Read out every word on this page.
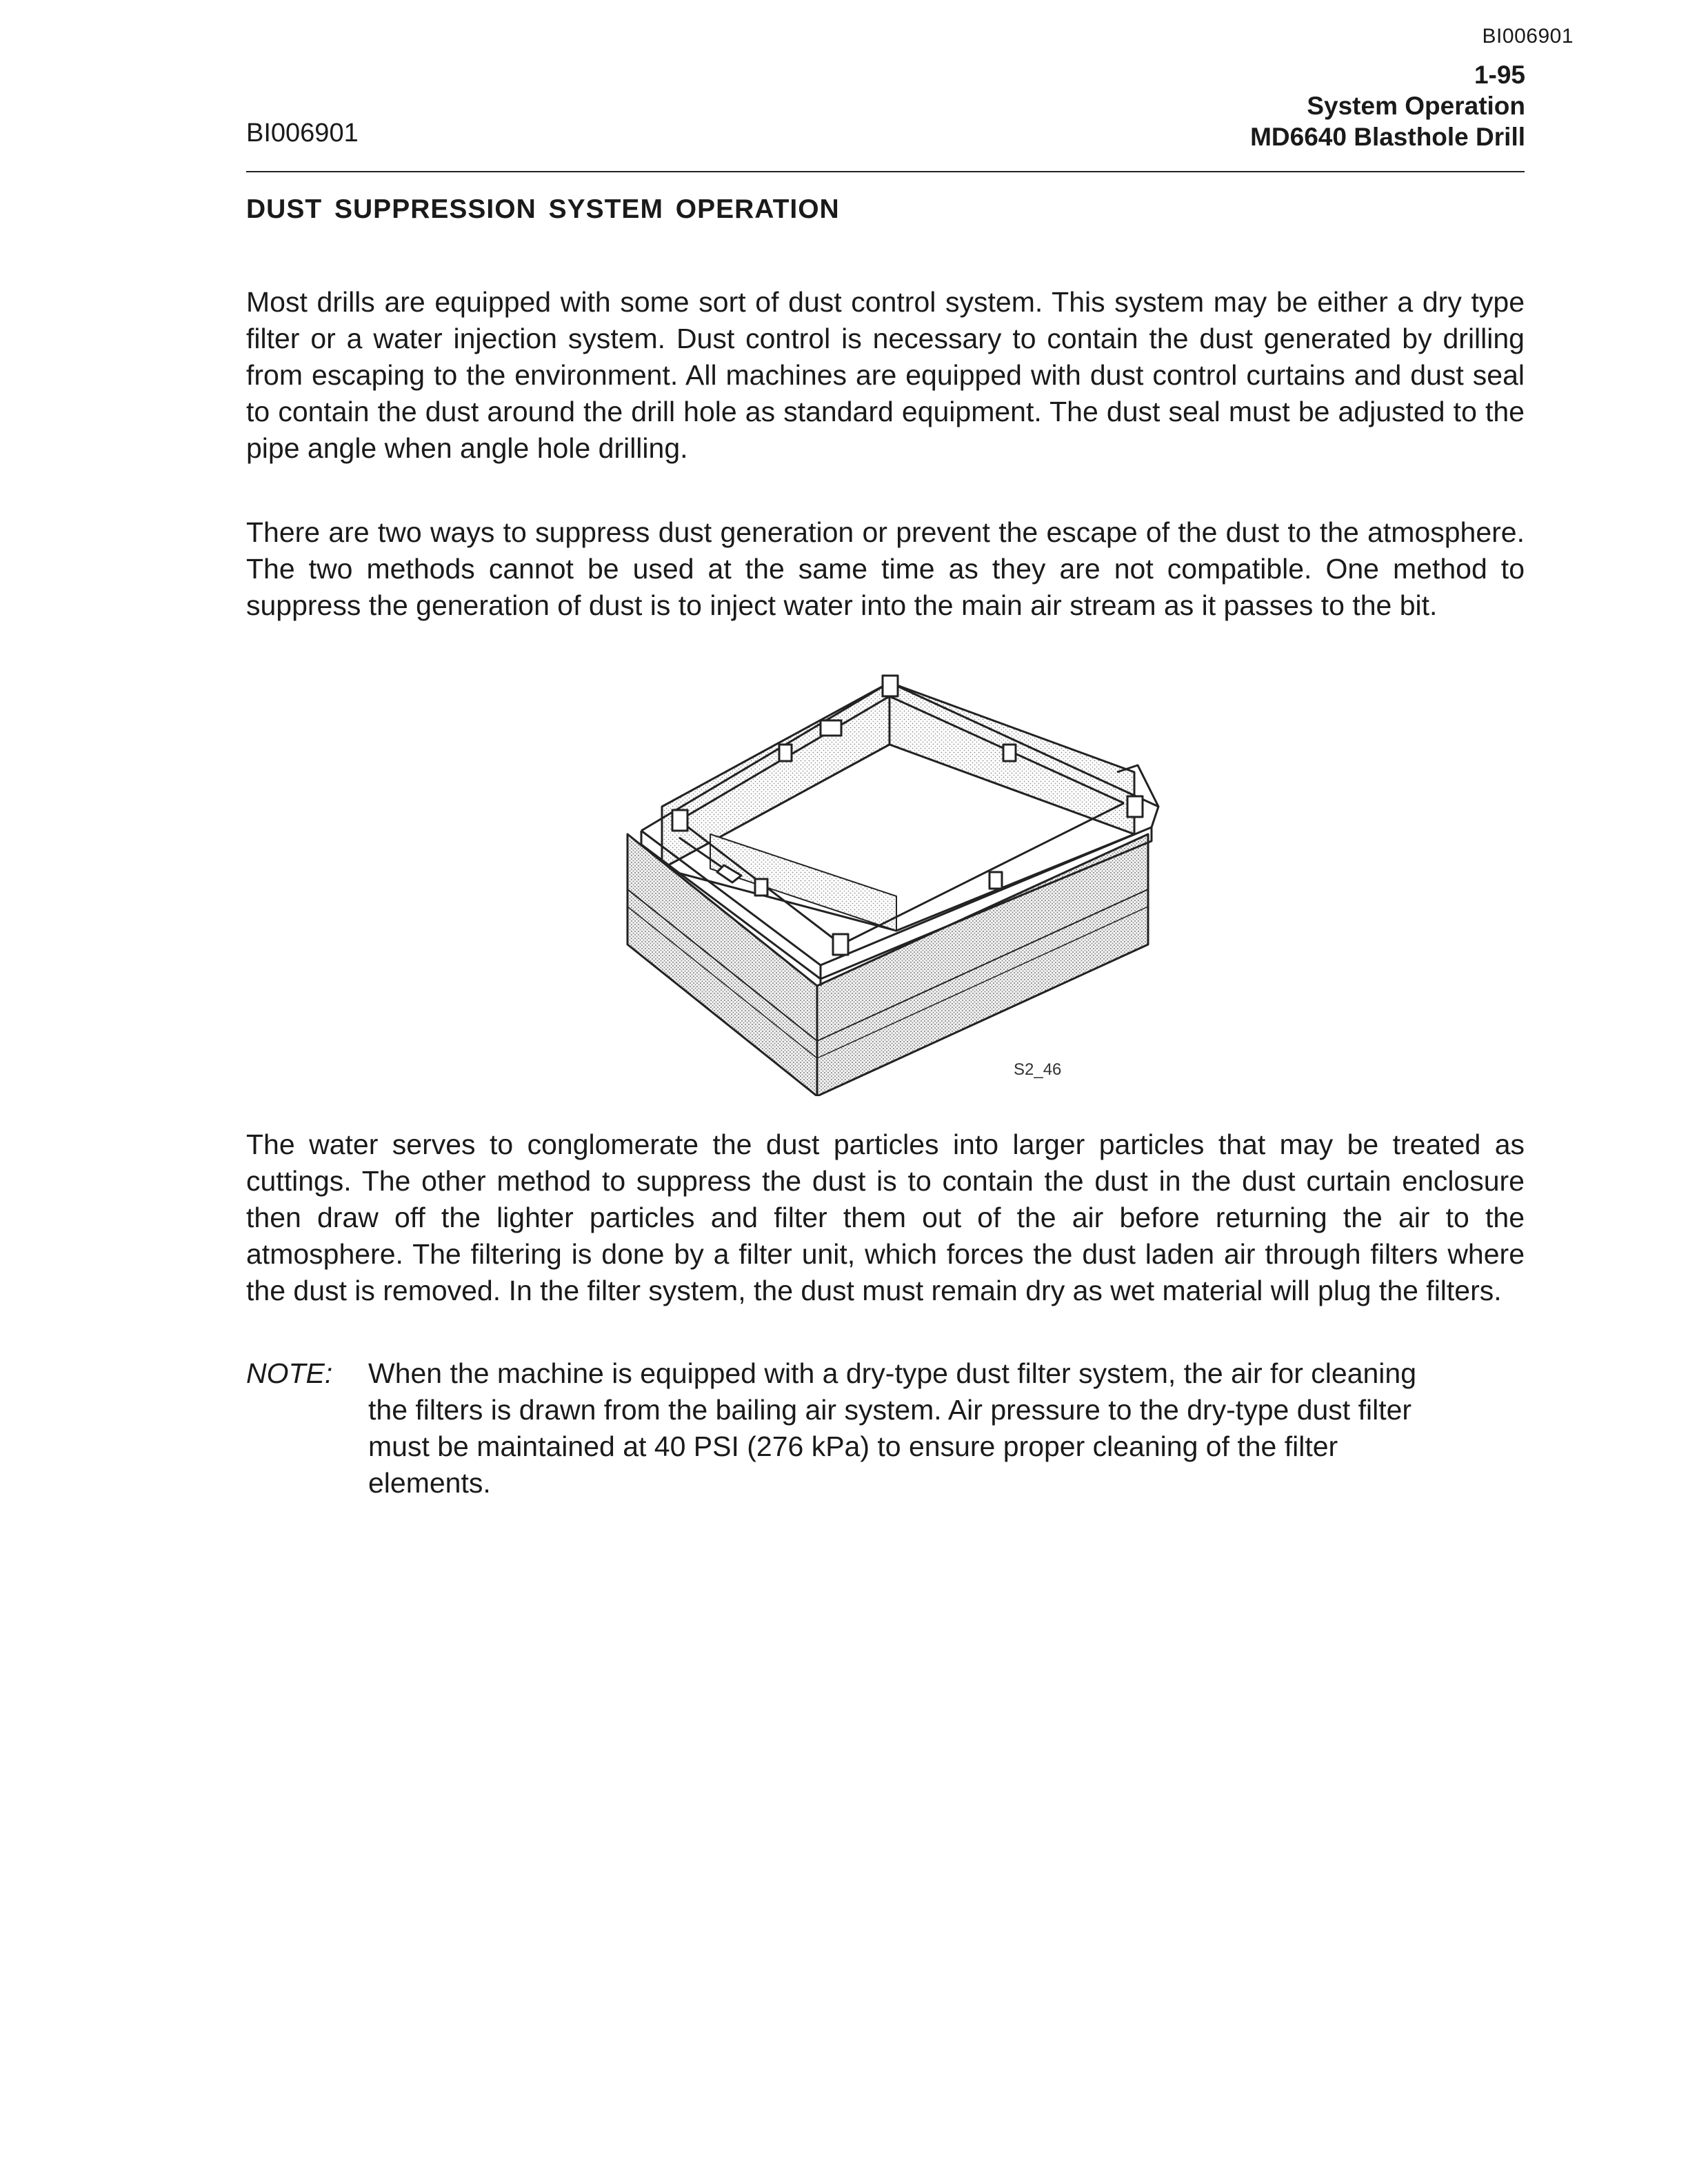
BI006901
1-95
System Operation
MD6640 Blasthole Drill
BI006901
DUST SUPPRESSION SYSTEM OPERATION

Most drills are equipped with some sort of dust control system. This system may be either a dry type filter or a water injection system. Dust control is necessary to contain the dust generated by drilling from escaping to the environment. All machines are equipped with dust control curtains and dust seal to contain the dust around the drill hole as standard equipment. The dust seal must be adjusted to the pipe angle when angle hole drilling.

There are two ways to suppress dust generation or prevent the escape of the dust to the atmosphere. The two methods cannot be used at the same time as they are not compatible. One method to suppress the generation of dust is to inject water into the main air stream as it passes to the bit.

S2_46

The water serves to conglomerate the dust particles into larger particles that may be treated as cuttings. The other method to suppress the dust is to contain the dust in the dust curtain enclosure then draw off the lighter particles and filter them out of the air before returning the air to the atmosphere. The filtering is done by a filter unit, which forces the dust laden air through filters where the dust is removed. In the filter system, the dust must remain dry as wet material will plug the filters.

NOTE: When the machine is equipped with a dry-type dust filter system, the air for cleaning the filters is drawn from the bailing air system. Air pressure to the dry-type dust filter must be maintained at 40 PSI (276 kPa) to ensure proper cleaning of the filter elements.
